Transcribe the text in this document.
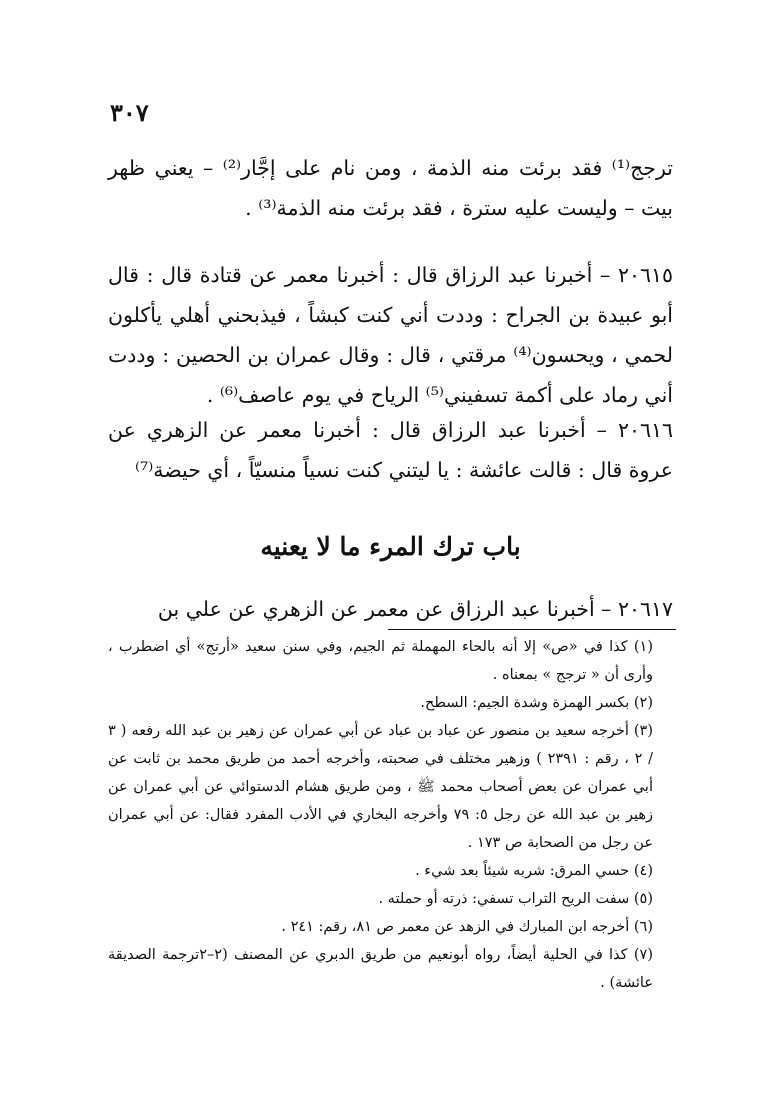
٣٠٧

ترجج⁽¹⁾ فقد برئت منه الذمة ، ومن نام على إجَّار⁽²⁾ – يعني ظهر بيت – وليست عليه سترة ، فقد برئت منه الذمة⁽³⁾ .

٢٠٦١٥ – أخبرنا عبد الرزاق قال : أخبرنا معمر عن قتادة قال : قال أبو عبيدة بن الجراح : وددت أني كنت كبشاً ، فيذبحني أهلي يأكلون لحمي ، ويحسون⁽⁴⁾ مرقتي ، قال : وقال عمران بن الحصين : وددت أني رماد على أكمة تسفيني⁽⁵⁾ الرياح في يوم عاصف⁽⁶⁾ .

٢٠٦١٦ – أخبرنا عبد الرزاق قال : أخبرنا معمر عن الزهري عن عروة قال : قالت عائشة : يا ليتني كنت نسياً منسيّاً ، أي حيضة⁽⁷⁾

باب ترك المرء ما لا يعنيه

٢٠٦١٧ – أخبرنا عبد الرزاق عن معمر عن الزهري عن علي بن

(١) كذا في «ص» إلا أنه بالحاء المهملة ثم الجيم، وفي سنن سعيد «أرتج» أي اضطرب ، وأرى أن « ترجج » بمعناه .

(٢) بكسر الهمزة وشدة الجيم: السطح.

(٣) أخرجه سعيد بن منصور عن عباد بن عباد عن أبي عمران عن زهير بن عبد الله رفعه ( ٣ / ٢ ، رقم : ٢٣٩١ ) وزهير مختلف في صحبته، وأخرجه أحمد من طريق محمد بن ثابت عن أبي عمران عن بعض أصحاب محمد ﷺ ، ومن طريق هشام الدستوائي عن أبي عمران عن زهير بن عبد الله عن رجل ٥: ٧٩ وأخرجه البخاري في الأدب المفرد فقال: عن أبي عمران عن رجل من الصحابة ص ١٧٣ .

(٤) حسي المرق: شربه شيئاً بعد شيء .

(٥) سفت الريح التراب تسفي: ذرته أو حملته .

(٦) أخرجه ابن المبارك في الزهد عن معمر ص ٨١، رقم: ٢٤١ .

(٧) كذا في الحلية أيضاً، رواه أبونعيم من طريق الدبري عن المصنف (٢–٢ترجمة الصديقة عائشة) .
